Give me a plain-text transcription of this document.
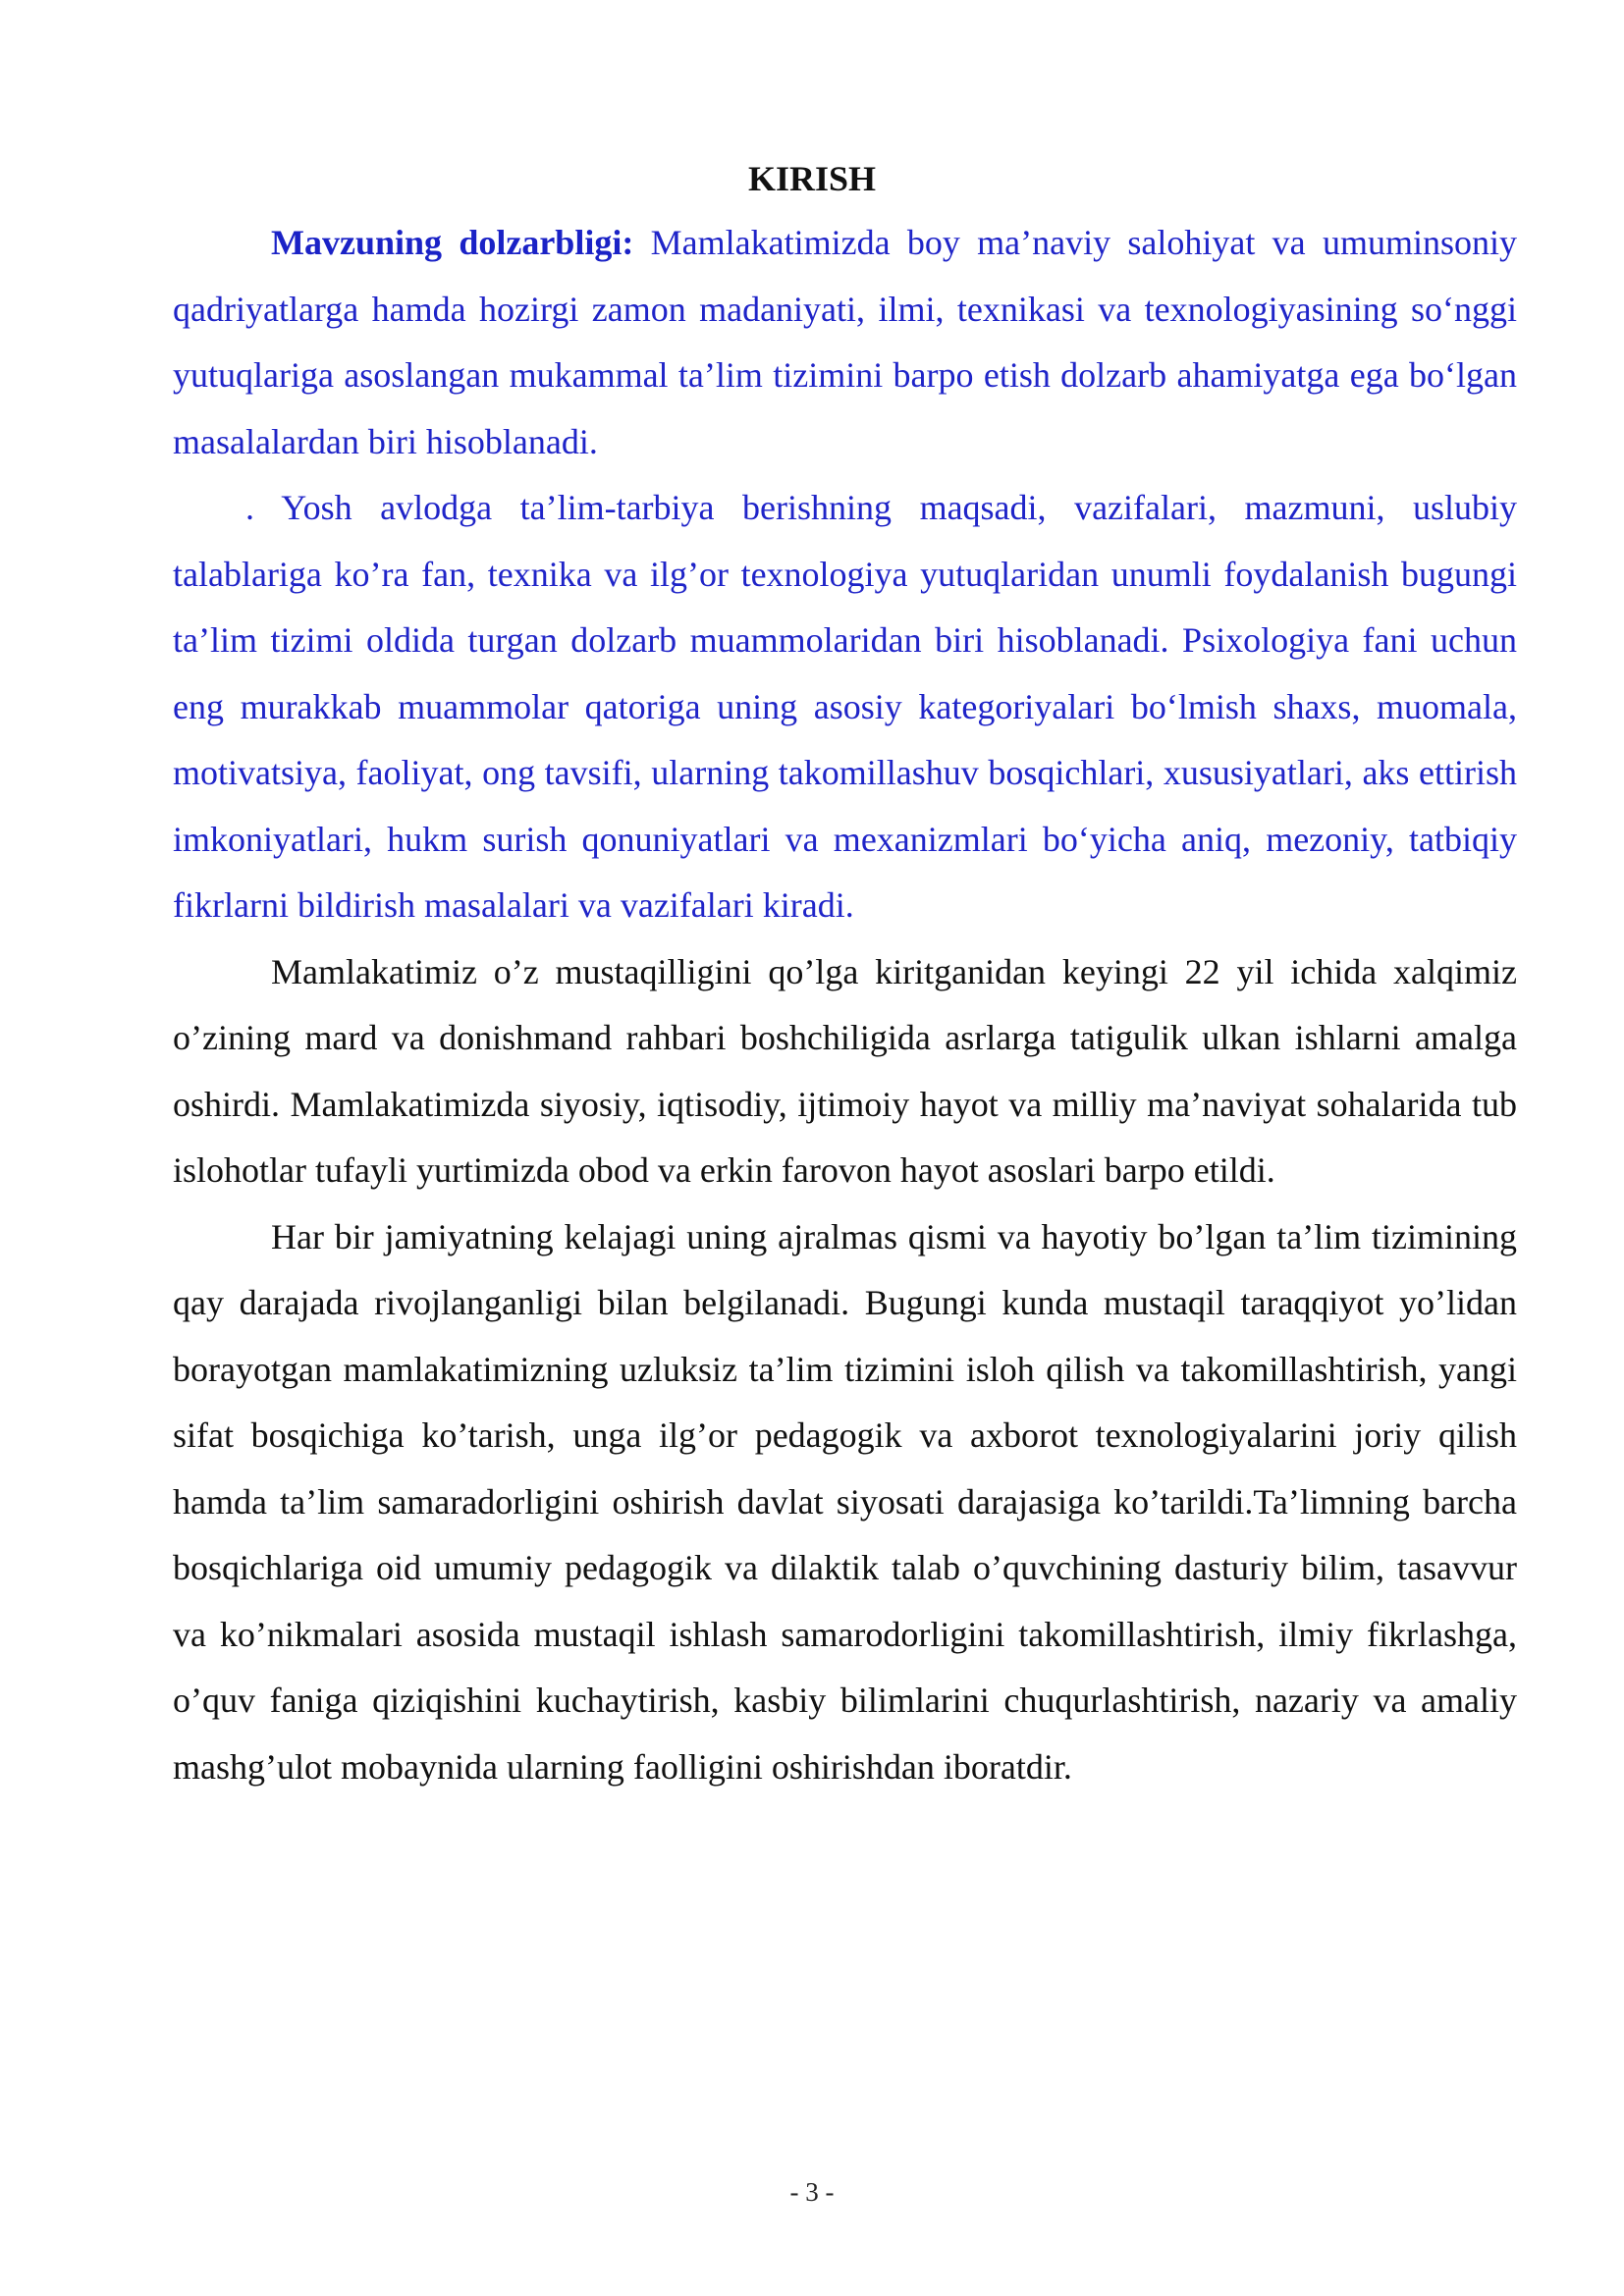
KIRISH

Mavzuning dolzarbligi: Mamlakatimizda boy ma’naviy salohiyat va umuminsoniy qadriyatlarga hamda hozirgi zamon madaniyati, ilmi, texnikasi va texnologiyasining so‘nggi yutuqlariga asoslangan mukammal ta’lim tizimini barpo etish dolzarb ahamiyatga ega bo‘lgan masalalardan biri hisoblanadi.

. Yosh avlodga ta’lim-tarbiya berishning maqsadi, vazifalari, mazmuni, uslubiy talablariga ko’ra fan, texnika va ilg’or texnologiya yutuqlaridan unumli foydalanish bugungi ta’lim tizimi oldida turgan dolzarb muammolaridan biri hisoblanadi. Psixologiya fani uchun eng murakkab muammolar qatoriga uning asosiy kategoriyalari bo‘lmish shaxs, muomala, motivatsiya, faoliyat, ong tavsifi, ularning takomillashuv bosqichlari, xususiyatlari, aks ettirish imkoniyatlari, hukm surish qonuniyatlari va mexanizmlari bo‘yicha aniq, mezoniy, tatbiqiy fikrlarni bildirish masalalari va vazifalari kiradi.

Mamlakatimiz o’z mustaqilligini qo’lga kiritganidan keyingi 22 yil ichida xalqimiz o’zining mard va donishmand rahbari boshchiligida asrlarga tatigulik ulkan ishlarni amalga oshirdi. Mamlakatimizda siyosiy, iqtisodiy, ijtimoiy hayot va milliy ma’naviyat sohalarida tub islohotlar tufayli yurtimizda obod va erkin farovon hayot asoslari barpo etildi.

Har bir jamiyatning kelajagi uning ajralmas qismi va hayotiy bo’lgan ta’lim tizimining qay darajada rivojlanganligi bilan belgilanadi. Bugungi kunda mustaqil taraqqiyot yo’lidan borayotgan mamlakatimizning uzluksiz ta’lim tizimini isloh qilish va takomillashtirish, yangi sifat bosqichiga ko’tarish, unga ilg’or pedagogik va axborot texnologiyalarini joriy qilish hamda ta’lim samaradorligini oshirish davlat siyosati darajasiga ko’tarildi.Ta’limning barcha bosqichlariga oid umumiy pedagogik va dilaktik talab o’quvchining dasturiy bilim, tasavvur va ko’nikmalari asosida mustaqil ishlash samarodorligini takomillashtirish, ilmiy fikrlashga, o’quv faniga qiziqishini kuchaytirish, kasbiy bilimlarini chuqurlashtirish, nazariy va amaliy mashg’ulot mobaynida ularning faolligini oshirishdan iboratdir.

- 3 -
